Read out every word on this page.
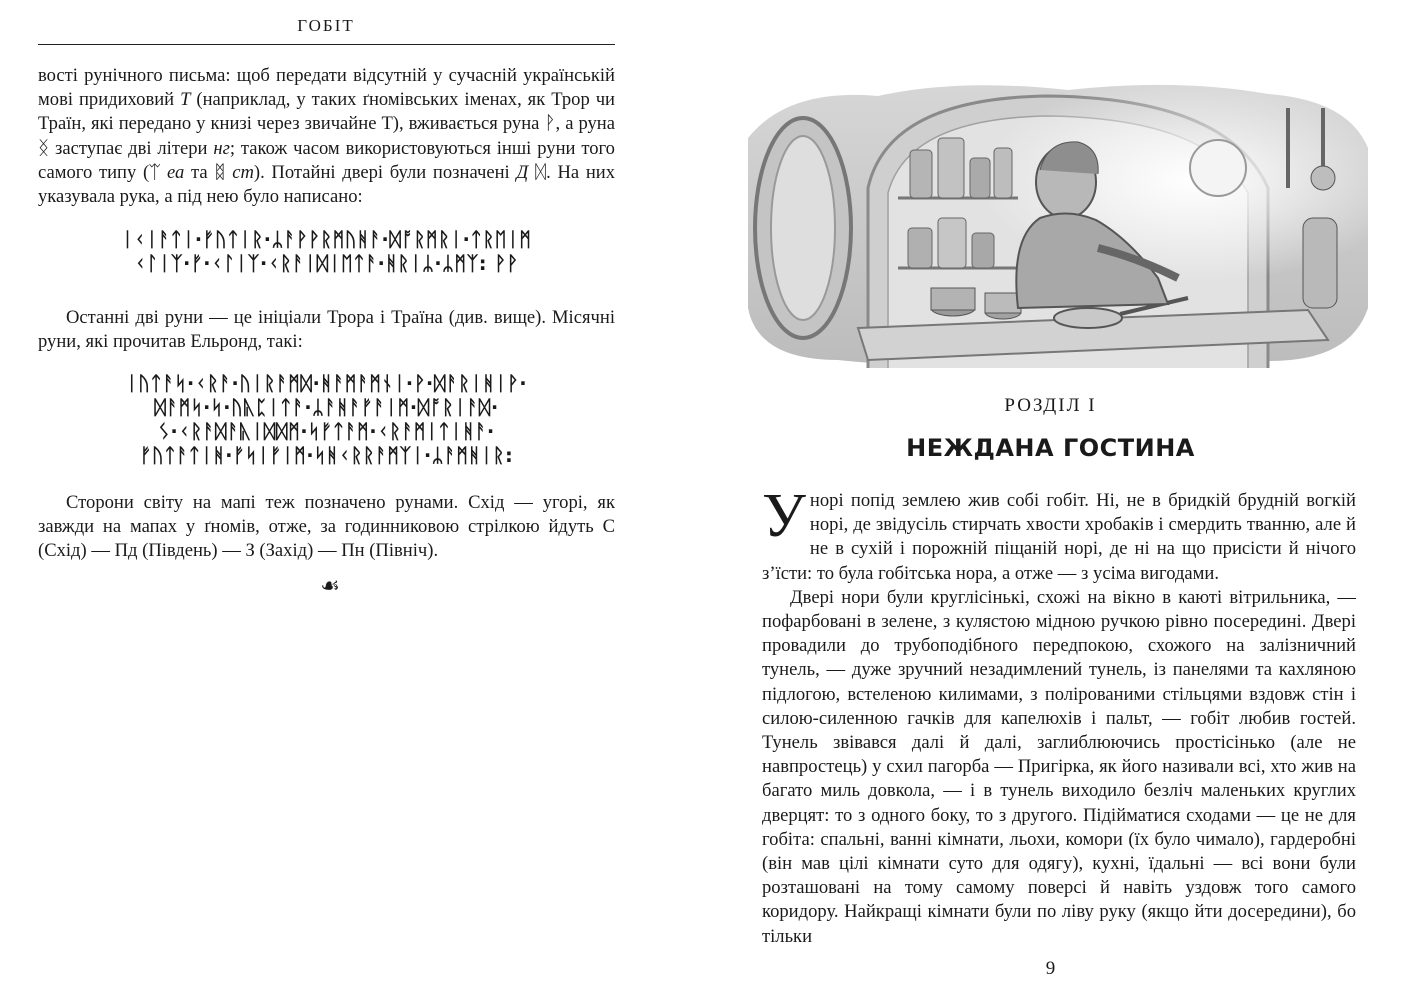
ГОБІТ

вості рунічного письма: щоб передати відсутній у сучасній українській мові придиховий Т (наприклад, у таких ґномівських іменах, як Трор чи Траїн, які передано у книзі через звичайне Т), вживається руна ᚹ, а руна ᛝ заступає дві літери нг; також часом використовуються інші руни того самого типу (ᛠ еа та ᛥ ст). Потайні двері були позначені Д ᛞ. На них указувала рука, а під нею було написано:

ᛁᚲᛁᚨᛏᛁ·ᚠᚢᛏᛁᚱ·ᛦᚨᚹᚹᚱᛗᚢᚻᚨ·ᛞᚩᚱᛗᚱᛁ·ᛏᚱᛖᛁᛗ
ᚲᛚᛁᛉ·ᚠ·ᚲᛚᛁᛉ·ᚲᚱᚨᛁᛞᛁᛖᛏᚨ·ᚻᚱᛁᛦ·ᛦᛗᛉ: ᚹᚹ

Останні дві руни — це ініціали Трора і Траїна (див. вище). Місячні руни, які прочитав Ельронд, такі:

ᛁᚢᛏᚨᛋ·ᚲᚱᚨ·ᚢᛁᚱᚨᛗᛞ·ᚻᚨᛗᚨᛗᚾᛁ·ᚹ·ᛞᚨᚱᛁᚻᛁᚹ·
ᛞᚨᛗᛋ·ᛋ·ᚢᚣᛈᛁᛏᚨ·ᛦᚨᚻᚨᚠᚨᛁᛗ·ᛞᚩᚱᛁᚨᛞ·
ᛊ·ᚲᚱᚨᛞᚨᚣᛁᛞᛞᛗ·ᛋᚠᛏᚨᛗ·ᚲᚱᚨᛗᛁᛏᛁᚻᚨ·
ᚠᚢᛏᚨᛏᛁᚻ·ᚠᛋᛁᚠᛁᛗ·ᛋᚻᚲᚱᚱᚨᛗᛉᛁ·ᛦᚨᛗᚻᛁᚱ:

Сторони світу на мапі теж позначено рунами. Схід — угорі, як завжди на мапах у ґномів, отже, за годинниковою стрілкою йдуть С (Схід) — Пд (Південь) — З (Захід) — Пн (Північ).

☙
РОЗДІЛ І
НЕЖДАНА ГОСТИНА

Унорі попід землею жив собі гобіт. Ні, не в бридкій брудній вогкій норі, де звідусіль стирчать хвости хробаків і смердить тванню, але й не в сухій і порожній піщаній норі, де ні на що присісти й нічого з’їсти: то була гобітська нора, а отже — з усіма вигодами.

Двері нори були круглісінькі, схожі на вікно в каюті вітрильника, — пофарбовані в зелене, з кулястою мідною ручкою рівно посередині. Двері провадили до трубоподібного передпокою, схожого на залізничний тунель, — дуже зручний незадимлений тунель, із панелями та кахляною підлогою, встеленою килимами, з полірованими стільцями вздовж стін і силою-силенною гачків для капелюхів і пальт, — гобіт любив гостей. Тунель звівався далі й далі, заглиблюючись простісінько (але не навпростець) у схил пагорба — Пригірка, як його називали всі, хто жив на багато миль довкола, — і в тунель виходило безліч маленьких круглих дверцят: то з одного боку, то з другого. Підійматися сходами — це не для гобіта: спальні, ванні кімнати, льохи, комори (їх було чимало), гардеробні (він мав цілі кімнати суто для одягу), кухні, їдальні — всі вони були розташовані на тому самому поверсі й навіть уздовж того самого коридору. Найкращі кімнати були по ліву руку (якщо йти досередини), бо тільки

9
